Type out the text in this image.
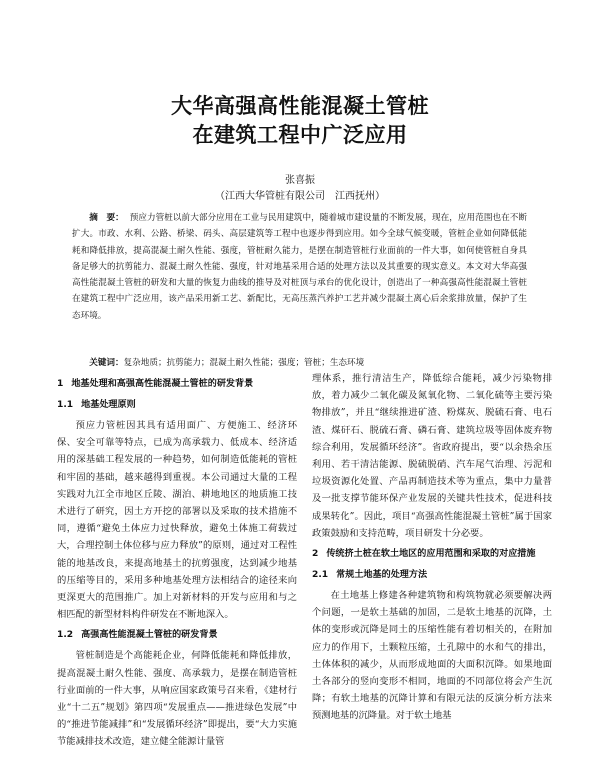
大华高强高性能混凝土管桩
在建筑工程中广泛应用
张喜振
（江西大华管桩有限公司　江西抚州）
摘　要： 预应力管桩以前大部分应用在工业与民用建筑中，随着城市建设量的不断发展，现在，应用范围也在不断扩大。市政、水利、公路、桥梁、码头、高层建筑等工程中也逐步得到应用。如今全球气候变暖，管桩企业如何降低能耗和降低排放，提高混凝土耐久性能、强度，管桩耐久能力，是摆在制造管桩行业面前的一件大事，如何使管桩自身具备足够大的抗剪能力、混凝土耐久性能、强度，针对地基采用合适的处理方法以及其重要的现实意义。本文对大华高强高性能混凝土管桩的研发和大量的恢复力曲线的推导及对桩顶与承台的优化设计，创造出了一种高强高性能混凝土管桩在建筑工程中广泛应用，该产品采用新工艺、新配比，无高压蒸汽养护工艺并减少混凝土离心后余浆排放量，保护了生态环境。
关键词：复杂地质；抗剪能力；混凝土耐久性能；强度；管桩；生态环境
1 地基处理和高强高性能混凝土管桩的研发背景
1.1 地基处理原则

预应力管桩因其具有适用面广、方便施工、经济环保、安全可靠等特点，已成为高承载力、低成本、经济适用的深基础工程发展的一种趋势，如何制造低能耗的管桩和牢固的基础，越来越得到重视。本公司通过大量的工程实践对九江全市地区丘陵、湖泊、耕地地区的地质施工技术进行了研究，因土方开挖的部署以及采取的技术措施不同，遵循“避免土体应力过快释放，避免土体施工荷载过大，合理控制土体位移与应力释放”的原则，通过对工程性能的地基改良，来提高地基土的抗剪强度，达到减少地基的压缩等目的，采用多种地基处理方法相结合的途径来向更深更大的范围推广。加上对新材料的开发与应用和与之相匹配的新型材料构件研发在不断地深入。

1.2 高强高性能混凝土管桩的研发背景

管桩制造是个高能耗企业，何降低能耗和降低排放，提高混凝土耐久性能、强度、高承载力，是摆在制造管桩行业面前的一件大事，从响应国家政策号召来看，《建材行业“十二五”规划》第四项“发展重点——推进绿色发展”中的“推进节能减排”和“发展循环经济”即提出，要“大力实施节能减排技术改造，建立健全能源计量管

理体系，推行清洁生产，降低综合能耗，减少污染物排放，着力减少二氧化碳及氮氧化物、二氧化硫等主要污染物排放”，并且“继续推进矿渣、粉煤灰、脱硫石膏、电石渣、煤矸石、脱硫石膏、磷石膏、建筑垃圾等固体废弃物综合利用，发展循环经济”。省政府提出，要“以余热余压利用、若干清洁能源、脱硫脱硝、汽车尾气治理、污泥和垃圾资源化处置、产品再制造技术等为重点，集中力量普及一批支撑节能环保产业发展的关键共性技术，促进科技成果转化”。因此，项目“高强高性能混凝土管桩”属于国家政策鼓励和支持范畴，项目研发十分必要。

2 传统挤土桩在软土地区的应用范围和采取的对应措施
2.1 常规土地基的处理方法

在土地基上修建各种建筑物和构筑物就必须要解决两个问题，一是软土基础的加固，二是软土地基的沉降，土体的变形或沉降是同土的压缩性能有着切相关的，在附加应力的作用下，土颗粒压缩，土孔隙中的水和气的排出，土体体积的减少，从而形成地面的大面积沉降。如果地面土各部分的竖向变形不相同，地面的不同部位将会产生沉降；有软土地基的沉降计算和有限元法的反演分析方法来预测地基的沉降量。对于软土地基
